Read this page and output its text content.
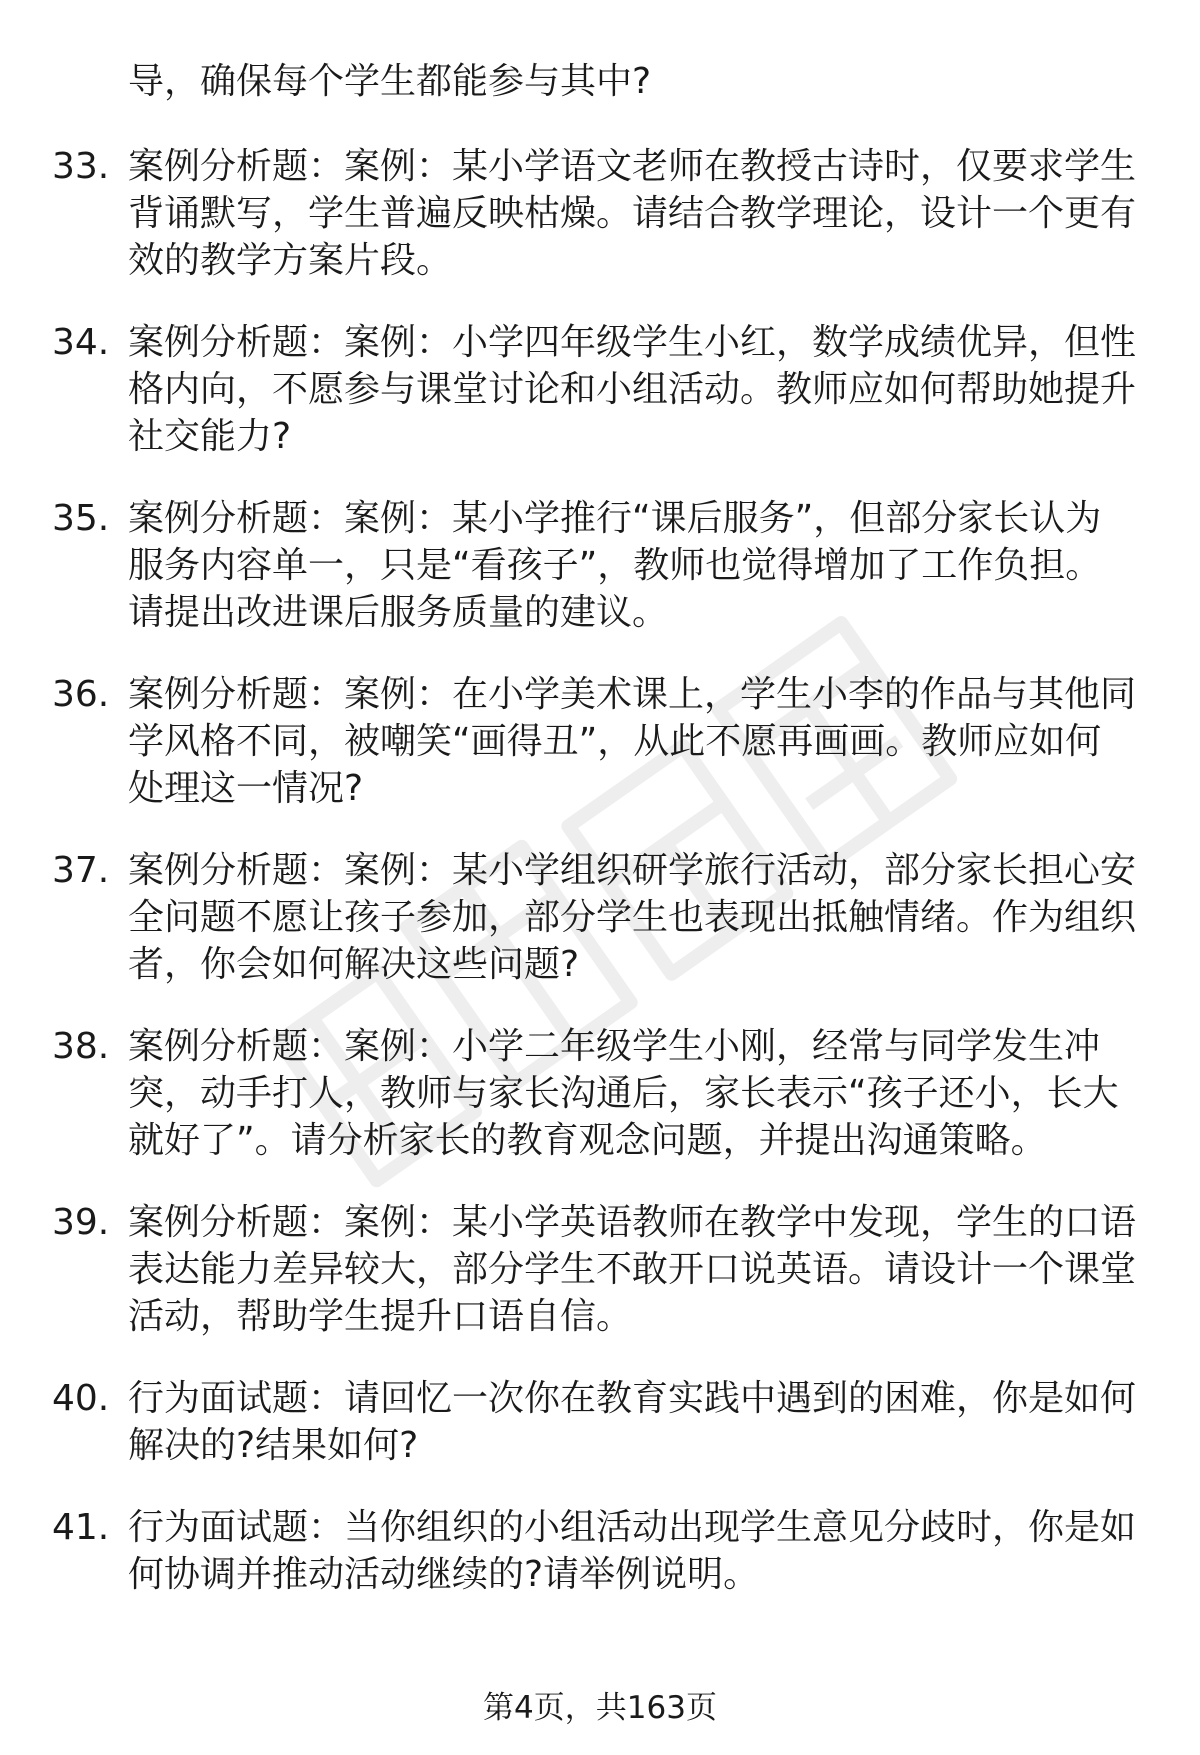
导，确保每个学生都能参与其中?
33. 案例分析题：案例：某小学语文老师在教授古诗时，仅要求学生
背诵默写，学生普遍反映枯燥。请结合教学理论，设计一个更有
效的教学方案片段。
34. 案例分析题：案例：小学四年级学生小红，数学成绩优异，但性
格内向，不愿参与课堂讨论和小组活动。教师应如何帮助她提升
社交能力?
35. 案例分析题：案例：某小学推行“课后服务”，但部分家长认为
服务内容单一，只是“看孩子”，教师也觉得增加了工作负担。
请提出改进课后服务质量的建议。
36. 案例分析题：案例：在小学美术课上，学生小李的作品与其他同
学风格不同，被嘲笑“画得丑”，从此不愿再画画。教师应如何
处理这一情况?
37. 案例分析题：案例：某小学组织研学旅行活动，部分家长担心安
全问题不愿让孩子参加，部分学生也表现出抵触情绪。作为组织
者，你会如何解决这些问题?
38. 案例分析题：案例：小学二年级学生小刚，经常与同学发生冲
突，动手打人，教师与家长沟通后，家长表示“孩子还小，长大
就好了”。请分析家长的教育观念问题，并提出沟通策略。
39. 案例分析题：案例：某小学英语教师在教学中发现，学生的口语
表达能力差异较大，部分学生不敢开口说英语。请设计一个课堂
活动，帮助学生提升口语自信。
40. 行为面试题：请回忆一次你在教育实践中遇到的困难，你是如何
解决的?结果如何?
41. 行为面试题：当你组织的小组活动出现学生意见分歧时，你是如
何协调并推动活动继续的?请举例说明。
第4页，共163页
